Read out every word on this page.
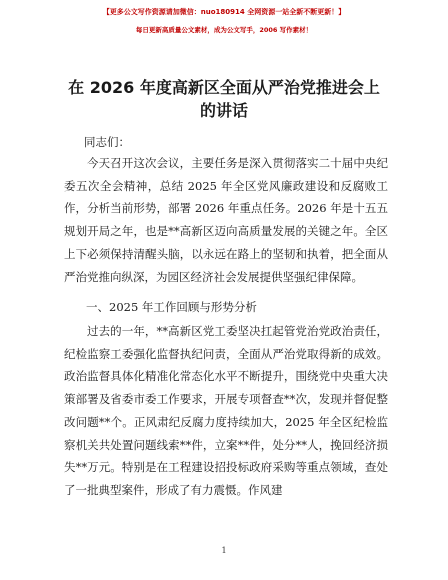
【更多公文写作资源请加微信：nuo180914 全网资源一站全新不断更新！】
每日更新高质量公文素材，成为公文写手，2006 写作素材！
在 2026 年度高新区全面从严治党推进会上的讲话
同志们：
今天召开这次会议，主要任务是深入贯彻落实二十届中央纪委五次全会精神，总结 2025 年全区党风廉政建设和反腐败工作，分析当前形势，部署 2026 年重点任务。2026 年是十五五规划开局之年，也是**高新区迈向高质量发展的关键之年。全区上下必须保持清醒头脑，以永远在路上的坚韧和执着，把全面从严治党推向纵深，为园区经济社会发展提供坚强纪律保障。
一、2025 年工作回顾与形势分析
过去的一年，**高新区党工委坚决扛起管党治党政治责任，纪检监察工委强化监督执纪问责，全面从严治党取得新的成效。政治监督具体化精准化常态化水平不断提升，围绕党中央重大决策部署及省委市委工作要求，开展专项督查**次，发现并督促整改问题**个。正风肃纪反腐力度持续加大，2025 年全区纪检监察机关共处置问题线索**件，立案**件，处分**人，挽回经济损失**万元。特别是在工程建设招投标政府采购等重点领域，查处了一批典型案件，形成了有力震慑。作风建
1
